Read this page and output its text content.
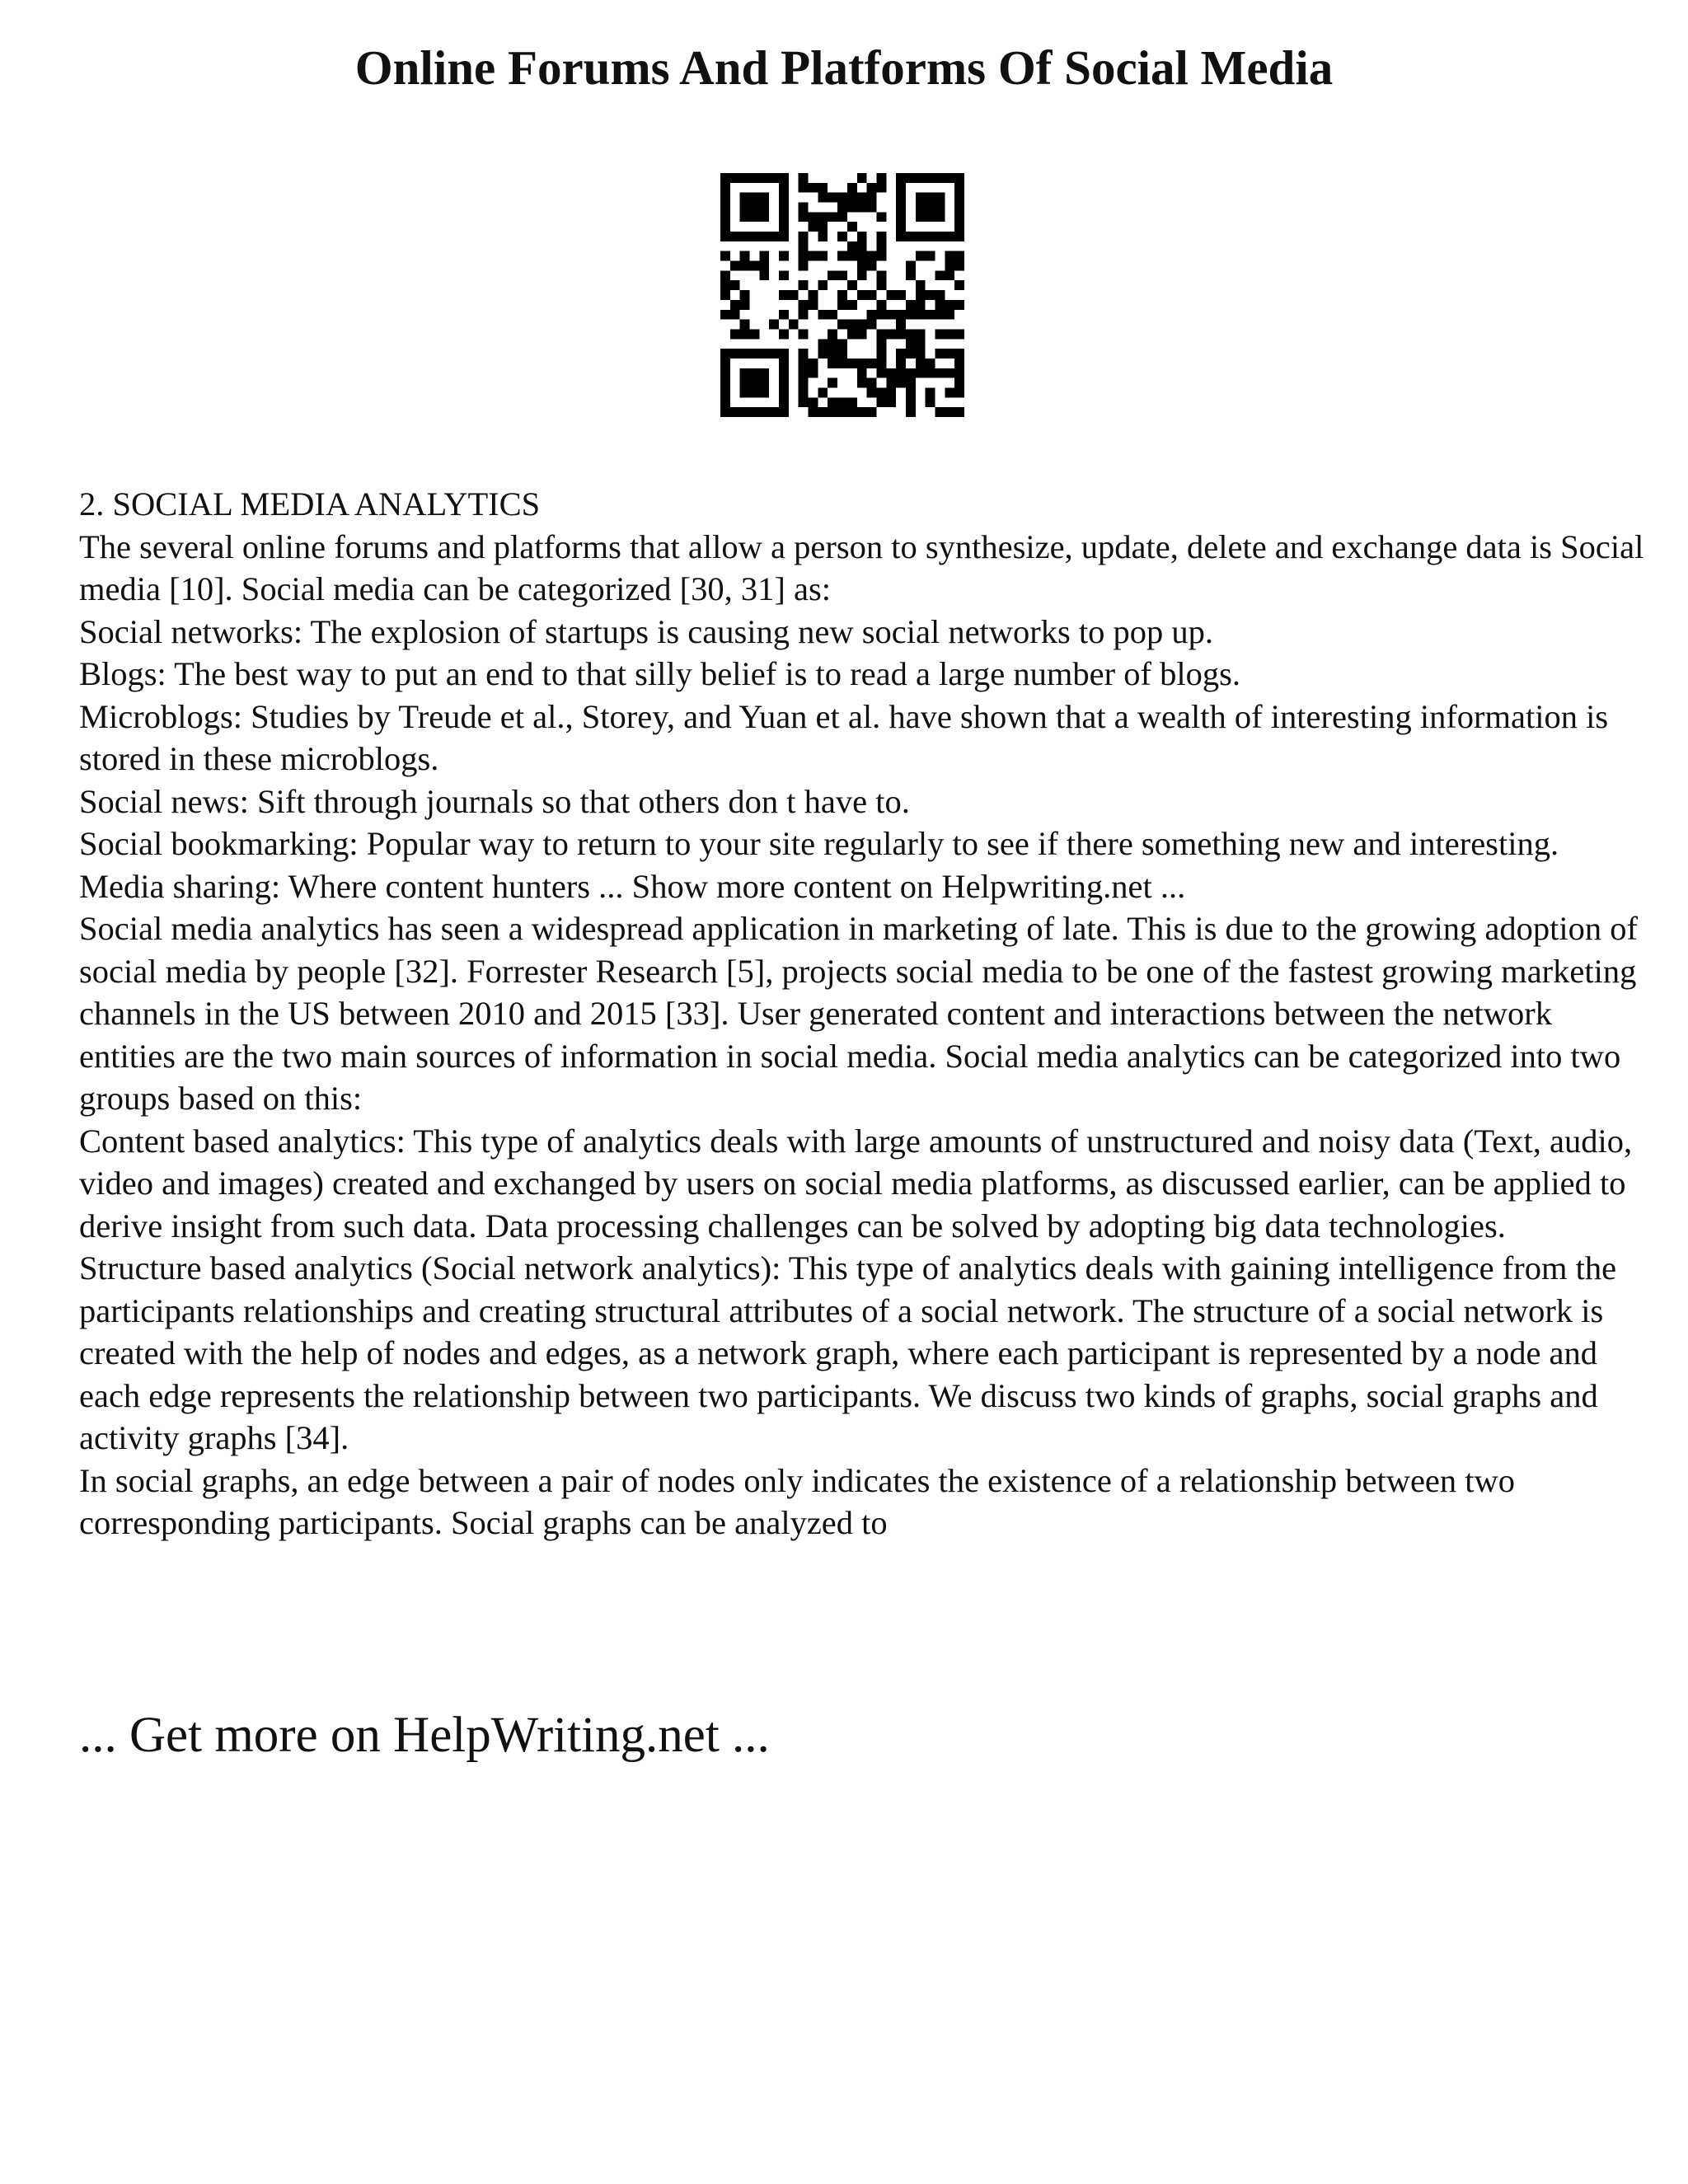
Online Forums And Platforms Of Social Media

2. SOCIAL MEDIA ANALYTICS

The several online forums and platforms that allow a person to synthesize, update, delete and exchange data is Social media [10]. Social media can be categorized [30, 31] as:

Social networks: The explosion of startups is causing new social networks to pop up.

Blogs: The best way to put an end to that silly belief is to read a large number of blogs.

Microblogs: Studies by Treude et al., Storey, and Yuan et al. have shown that a wealth of interesting information is stored in these microblogs.

Social news: Sift through journals so that others don t have to.

Social bookmarking: Popular way to return to your site regularly to see if there something new and interesting.

Media sharing: Where content hunters ... Show more content on Helpwriting.net ...

Social media analytics has seen a widespread application in marketing of late. This is due to the growing adoption of social media by people [32]. Forrester Research [5], projects social media to be one of the fastest growing marketing channels in the US between 2010 and 2015 [33]. User generated content and interactions between the network entities are the two main sources of information in social media. Social media analytics can be categorized into two groups based on this:

Content based analytics: This type of analytics deals with large amounts of unstructured and noisy data (Text, audio, video and images) created and exchanged by users on social media platforms, as discussed earlier, can be applied to derive insight from such data. Data processing challenges can be solved by adopting big data technologies.

Structure based analytics (Social network analytics): This type of analytics deals with gaining intelligence from the participants relationships and creating structural attributes of a social network. The structure of a social network is created with the help of nodes and edges, as a network graph, where each participant is represented by a node and each edge represents the relationship between two participants. We discuss two kinds of graphs, social graphs and activity graphs [34].

In social graphs, an edge between a pair of nodes only indicates the existence of a relationship between two corresponding participants. Social graphs can be analyzed to

... Get more on HelpWriting.net ...
